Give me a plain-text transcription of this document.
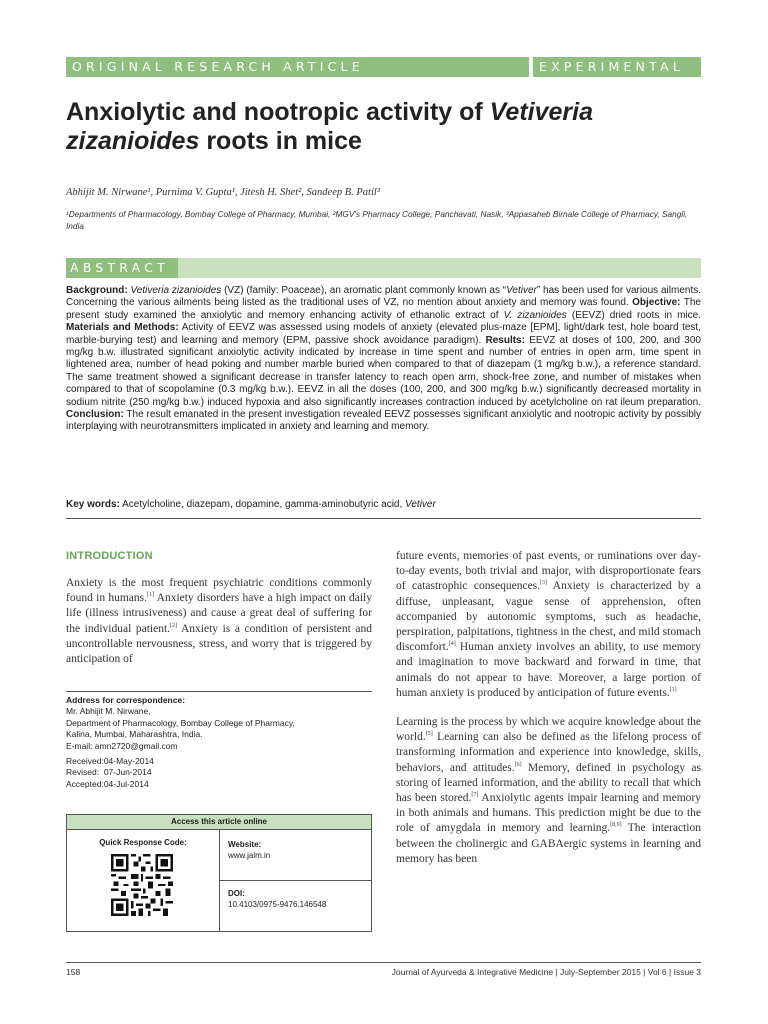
ORIGINAL RESEARCH ARTICLE	EXPERIMENTAL
Anxiolytic and nootropic activity of Vetiveria zizanioides roots in mice
Abhijit M. Nirwane¹, Purnima V. Gupta¹, Jitesh H. Shet², Sandeep B. Patil³
¹Departments of Pharmacology, Bombay College of Pharmacy, Mumbai, ²MGV's Pharmacy College, Panchavati, Nasik, ³Appasaheb Birnale College of Pharmacy, Sangli, India
ABSTRACT
Background: Vetiveria zizanioides (VZ) (family: Poaceae), an aromatic plant commonly known as “Vetiver” has been used for various ailments. Concerning the various ailments being listed as the traditional uses of VZ, no mention about anxiety and memory was found. Objective: The present study examined the anxiolytic and memory enhancing activity of ethanolic extract of V. zizanioides (EEVZ) dried roots in mice. Materials and Methods: Activity of EEVZ was assessed using models of anxiety (elevated plus-maze [EPM], light/dark test, hole board test, marble-burying test) and learning and memory (EPM, passive shock avoidance paradigm). Results: EEVZ at doses of 100, 200, and 300 mg/kg b.w. illustrated significant anxiolytic activity indicated by increase in time spent and number of entries in open arm, time spent in lightened area, number of head poking and number marble buried when compared to that of diazepam (1 mg/kg b.w.), a reference standard. The same treatment showed a significant decrease in transfer latency to reach open arm, shock-free zone, and number of mistakes when compared to that of scopolamine (0.3 mg/kg b.w.). EEVZ in all the doses (100, 200, and 300 mg/kg b.w.) significantly decreased mortality in sodium nitrite (250 mg/kg b.w.) induced hypoxia and also significantly increases contraction induced by acetylcholine on rat ileum preparation. Conclusion: The result emanated in the present investigation revealed EEVZ possesses significant anxiolytic and nootropic activity by possibly interplaying with neurotransmitters implicated in anxiety and learning and memory.
Key words: Acetylcholine, diazepam, dopamine, gamma-aminobutyric acid, Vetiver
INTRODUCTION

Anxiety is the most frequent psychiatric conditions commonly found in humans.[1] Anxiety disorders have a high impact on daily life (illness intrusiveness) and cause a great deal of suffering for the individual patient.[2] Anxiety is a condition of persistent and uncontrollable nervousness, stress, and worry that is triggered by anticipation of

Address for correspondence:
Mr. Abhijit M. Nirwane,
Department of Pharmacology, Bombay College of Pharmacy,
Kalina, Mumbai, Maharashtra, India.
E-mail: amn2720@gmail.com
Received:04-May-2014
Revised: 07-Jun-2014
Accepted:04-Jul-2014
Access this article online
Quick Response Code:	Website:
www.jaim.in
DOI:
10.4103/0975-9476.146548

future events, memories of past events, or ruminations over day-to-day events, both trivial and major, with disproportionate fears of catastrophic consequences.[3] Anxiety is characterized by a diffuse, unpleasant, vague sense of apprehension, often accompanied by autonomic symptoms, such as headache, perspiration, palpitations, tightness in the chest, and mild stomach discomfort.[4] Human anxiety involves an ability, to use memory and imagination to move backward and forward in time, that animals do not appear to have. Moreover, a large portion of human anxiety is produced by anticipation of future events.[1]

Learning is the process by which we acquire knowledge about the world.[5] Learning can also be defined as the lifelong process of transforming information and experience into knowledge, skills, behaviors, and attitudes.[6] Memory, defined in psychology as storing of learned information, and the ability to recall that which has been stored.[7] Anxiolytic agents impair learning and memory in both animals and humans. This prediction might be due to the role of amygdala in memory and learning.[8,9] The interaction between the cholinergic and GABAergic systems in learning and memory has been

158	Journal of Ayurveda & Integrative Medicine | July-September 2015 | Vol 6 | Issue 3
